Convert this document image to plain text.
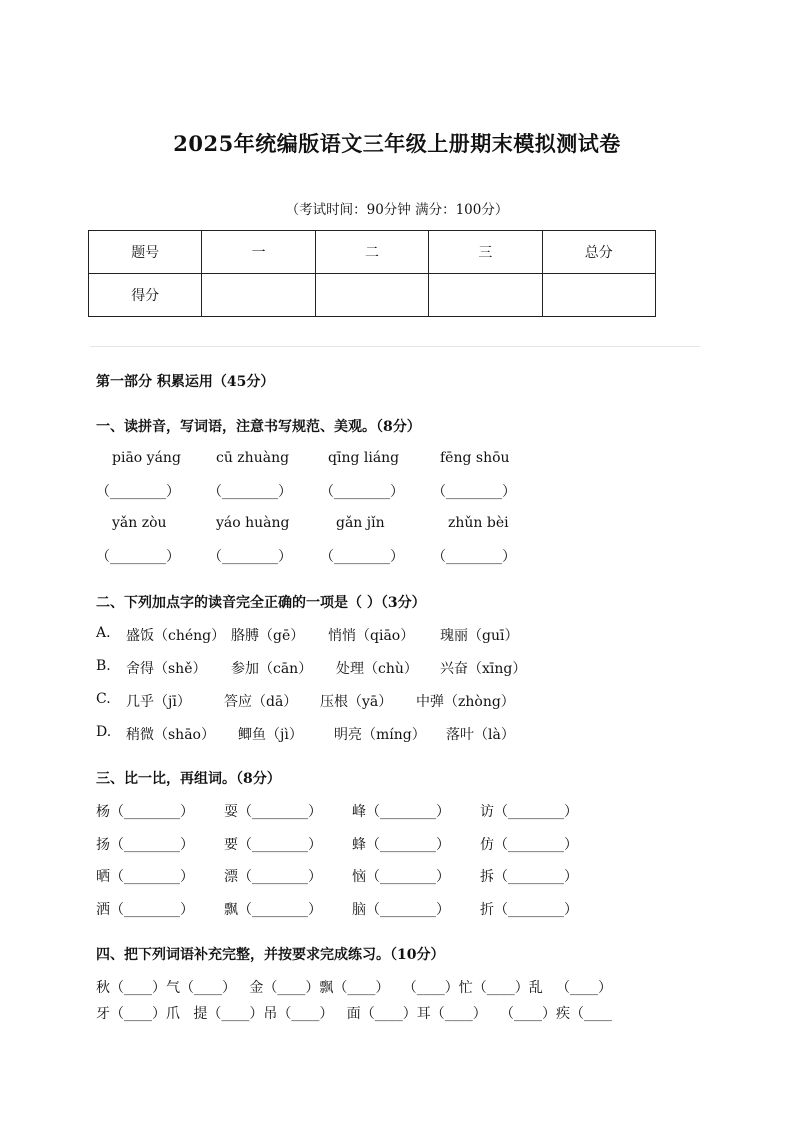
2025年统编版语文三年级上册期末模拟测试卷
（考试时间：90分钟 满分：100分）
题号	一	二	三	总分
得分				
第一部分 积累运用（45分）
一、读拼音，写词语，注意书写规范、美观。（8分）
piāo yáng	cū zhuàng	qīng liáng	fēng shōu
（________） （________） （________） （________）
yǎn zòu	yáo huàng	gǎn jǐn	zhǔn bèi
（________） （________） （________） （________）
二、下列加点字的读音完全正确的一项是（ ）（3分）
A. 盛饭（chéng） 胳膊（gē） 悄悄（qiāo） 瑰丽（guī）
B. 舍得（shě） 参加（cān） 处理（chù） 兴奋（xīng）
C. 几乎（jī） 答应（dā） 压根（yā） 中弹（zhòng）
D. 稍微（shāo） 鲫鱼（jì） 明亮（míng） 落叶（là）
三、比一比，再组词。（8分）
杨（________） 耍（________） 峰（________） 访（________）
扬（________） 要（________） 蜂（________） 仿（________）
晒（________） 漂（________） 恼（________） 拆（________）
洒（________） 飘（________） 脑（________） 折（________）
四、把下列词语补充完整，并按要求完成练习。（10分）
秋（____）气（____）   金（____）飘（____）   （____）忙（____）乱   （____）
牙（____）爪   提（____）吊（____）   面（____）耳（____）   （____）疾（____
